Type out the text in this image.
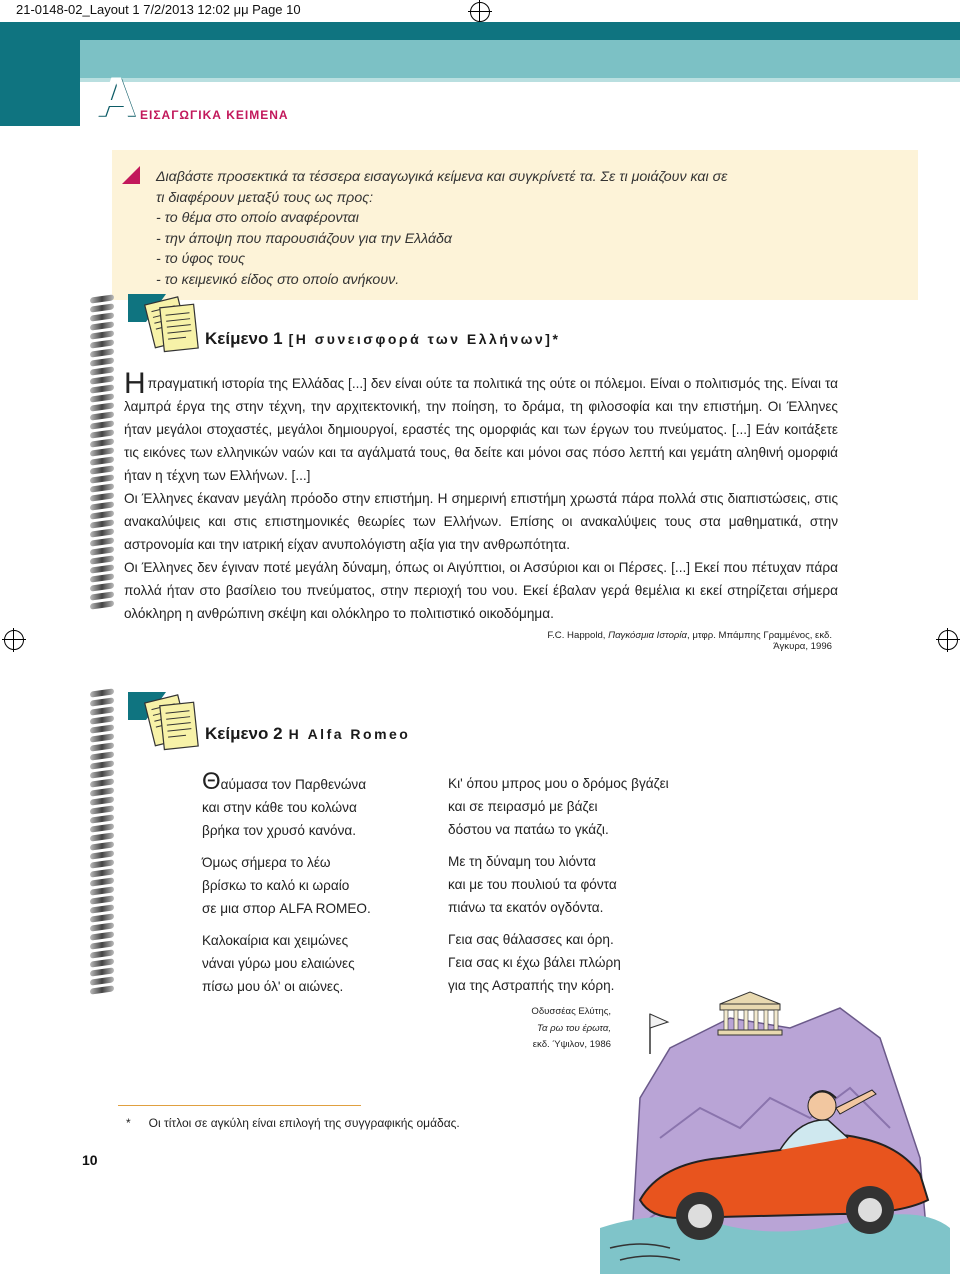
21-0148-02_Layout 1 7/2/2013 12:02 μμ Page 10
Α ΕΙΣΑΓΩΓΙΚΑ ΚΕΙΜΕΝΑ
Διαβάστε προσεκτικά τα τέσσερα εισαγωγικά κείμενα και συγκρίνετέ τα. Σε τι μοιάζουν και σε
τι διαφέρουν μεταξύ τους ως προς:
- το θέμα στο οποίο αναφέρονται
- την άποψη που παρουσιάζουν για την Ελλάδα
- το ύφος τους
- το κειμενικό είδος στο οποίο ανήκουν.
Κείμενο 1 [Η συνεισφορά των Ελλήνων]*

Η πραγματική ιστορία της Ελλάδας [...] δεν είναι ούτε τα πολιτικά της ούτε οι πόλεμοι. Είναι ο πολιτισμός της. Είναι τα λαμπρά έργα της στην τέχνη, την αρχιτεκτονική, την ποίηση, το δράμα, τη φιλοσοφία και την επιστήμη. Οι Έλληνες ήταν μεγάλοι στοχαστές, μεγάλοι δημιουργοί, εραστές της ομορφιάς και των έργων του πνεύματος. [...] Εάν κοιτάξετε τις εικόνες των ελληνικών ναών και τα αγάλματά τους, θα δείτε και μόνοι σας πόσο λεπτή και γεμάτη αληθινή ομορφιά ήταν η τέχνη των Ελλήνων. [...]

Οι Έλληνες έκαναν μεγάλη πρόοδο στην επιστήμη. Η σημερινή επιστήμη χρωστά πάρα πολλά στις διαπιστώσεις, στις ανακαλύψεις και στις επιστημονικές θεωρίες των Ελλήνων. Επίσης οι ανακαλύψεις τους στα μαθηματικά, στην αστρονομία και την ιατρική είχαν ανυπολόγιστη αξία για την ανθρωπότητα.

Οι Έλληνες δεν έγιναν ποτέ μεγάλη δύναμη, όπως οι Αιγύπτιοι, οι Ασσύριοι και οι Πέρσες. [...] Εκεί που πέτυχαν πάρα πολλά ήταν στο βασίλειο του πνεύματος, στην περιοχή του νου. Εκεί έβαλαν γερά θεμέλια κι εκεί στηρίζεται σήμερα ολόκληρη η ανθρώπινη σκέψη και ολόκληρο το πολιτιστικό οικοδόμημα.

F.C. Happold, Παγκόσμια Ιστορία, μτφρ. Μπάμπης Γραμμένος, εκδ. Άγκυρα, 1996
Κείμενο 2 Η Alfa Romeo
Θαύμασα τον Παρθενώνα
και στην κάθε του κολώνα
βρήκα τον χρυσό κανόνα.
Όμως σήμερα το λέω
βρίσκω το καλό κι ωραίο
σε μια σπορ ALFA ROMEO.
Καλοκαίρια και χειμώνες
νάναι γύρω μου ελαιώνες
πίσω μου όλ' οι αιώνες.
Κι' όπου μπρος μου ο δρόμος βγάζει
και σε πειρασμό με βάζει
δόστου να πατάω το γκάζι.
Με τη δύναμη του λιόντα
και με του πουλιού τα φόντα
πιάνω τα εκατόν ογδόντα.
Γεια σας θάλασσες και όρη.
Γεια σας κι έχω βάλει πλώρη
για της Αστραπής την κόρη.
Οδυσσέας Ελύτης,
Τα ρω του έρωτα,
εκδ. Ύψιλον, 1986
* Οι τίτλοι σε αγκύλη είναι επιλογή της συγγραφικής ομάδας.
10
